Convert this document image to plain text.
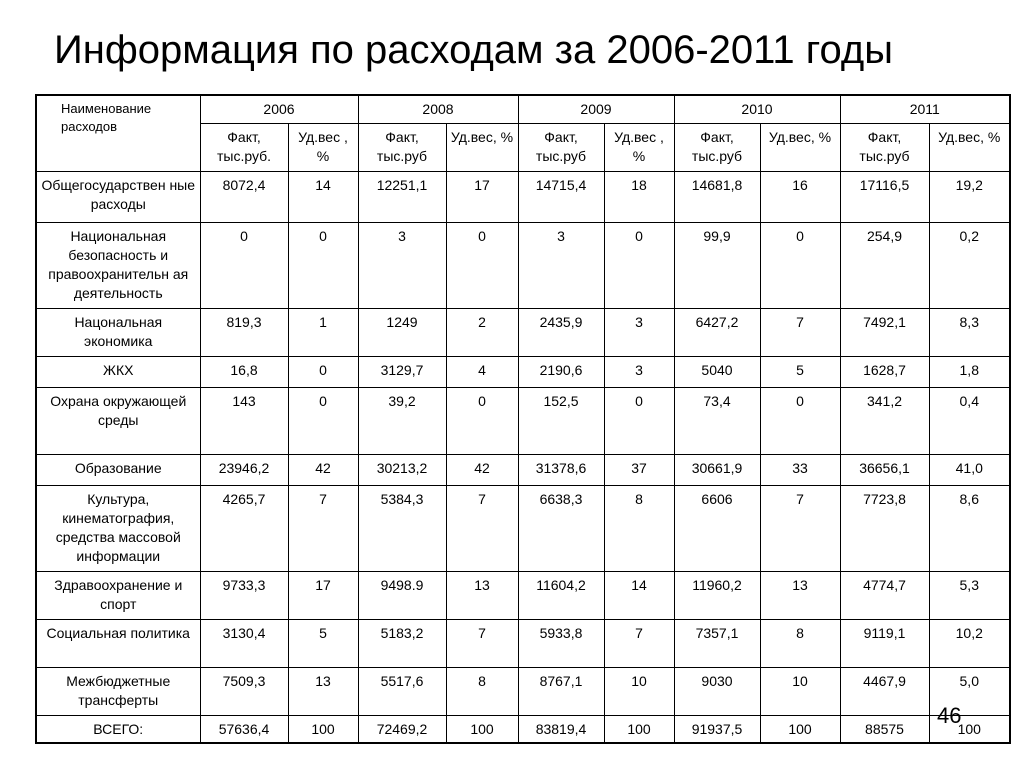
Информация по расходам за 2006-2011 годы
Наименование расходов	2006		2008		2009		2010		2011	
	Факт, тыс.руб.	Уд.вес , %	Факт, тыс.руб	Уд.вес, %	Факт, тыс.руб	Уд.вес , %	Факт, тыс.руб	Уд.вес, %	Факт, тыс.руб	Уд.вес, %
Общегосударствен ные расходы	8072,4	14	12251,1	17	14715,4	18	14681,8	16	17116,5	19,2
Национальная безопасность и правоохранительн ая деятельность	0	0	3	0	3	0	99,9	0	254,9	0,2
Нацональная экономика	819,3	1	1249	2	2435,9	3	6427,2	7	7492,1	8,3
ЖКХ	16,8	0	3129,7	4	2190,6	3	5040	5	1628,7	1,8
Охрана окружающей среды	143	0	39,2	0	152,5	0	73,4	0	341,2	0,4
Образование	23946,2	42	30213,2	42	31378,6	37	30661,9	33	36656,1	41,0
Культура, кинематография, средства массовой информации	4265,7	7	5384,3	7	6638,3	8	6606	7	7723,8	8,6
Здравоохранение и спорт	9733,3	17	9498.9	13	11604,2	14	11960,2	13	4774,7	5,3
Социальная политика	3130,4	5	5183,2	7	5933,8	7	7357,1	8	9119,1	10,2
Межбюджетные трансферты	7509,3	13	5517,6	8	8767,1	10	9030	10	4467,9	5,0
ВСЕГО:	57636,4	100	72469,2	100	83819,4	100	91937,5	100	88575	100
46
